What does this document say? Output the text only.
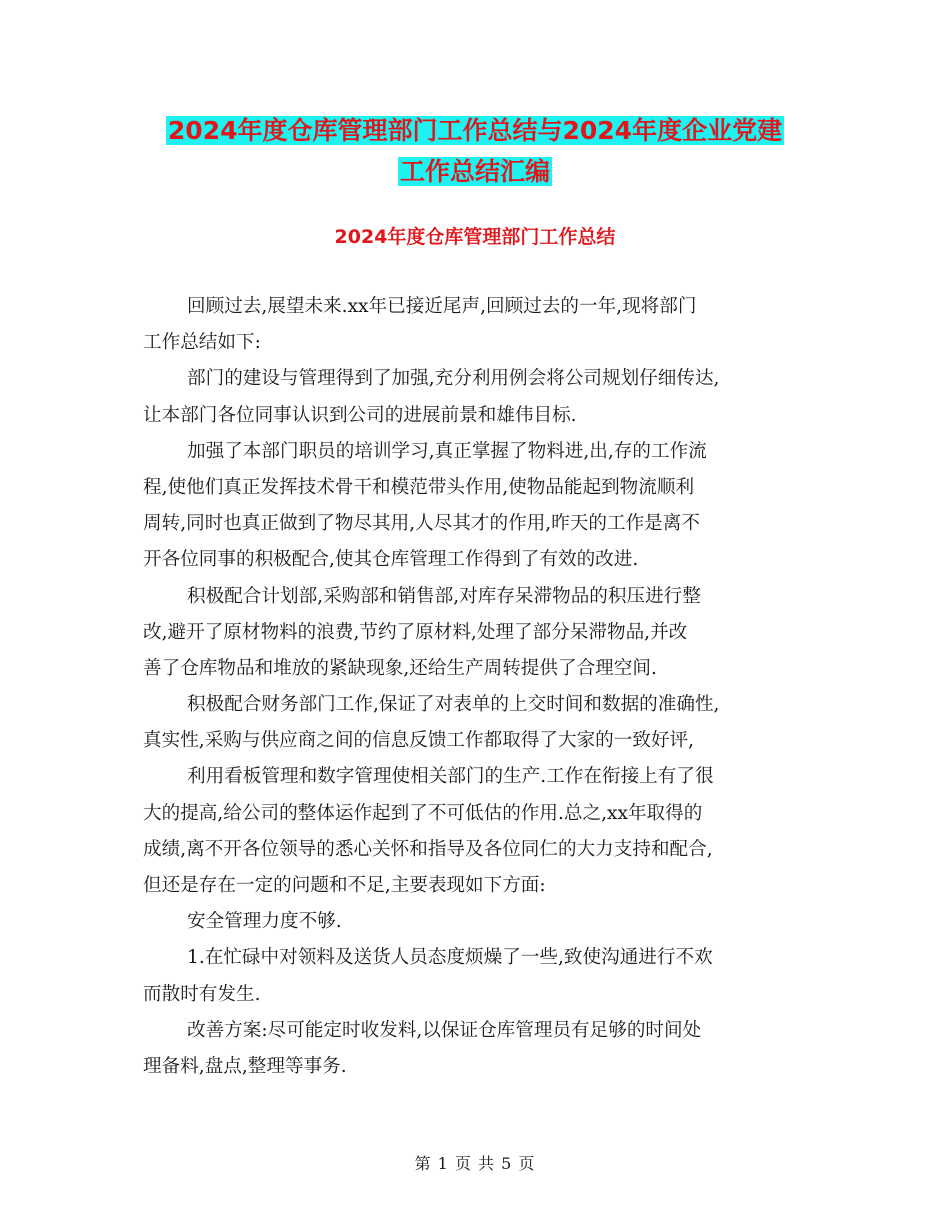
2024年度仓库管理部门工作总结与2024年度企业党建
工作总结汇编
2024年度仓库管理部门工作总结
回顾过去,展望未来.xx年已接近尾声,回顾过去的一年,现将部门
工作总结如下:
部门的建设与管理得到了加强,充分利用例会将公司规划仔细传达,
让本部门各位同事认识到公司的进展前景和雄伟目标.
加强了本部门职员的培训学习,真正掌握了物料进,出,存的工作流
程,使他们真正发挥技术骨干和模范带头作用,使物品能起到物流顺利
周转,同时也真正做到了物尽其用,人尽其才的作用,昨天的工作是离不
开各位同事的积极配合,使其仓库管理工作得到了有效的改进.
积极配合计划部,采购部和销售部,对库存呆滞物品的积压进行整
改,避开了原材物料的浪费,节约了原材料,处理了部分呆滞物品,并改
善了仓库物品和堆放的紧缺现象,还给生产周转提供了合理空间.
积极配合财务部门工作,保证了对表单的上交时间和数据的准确性,
真实性,采购与供应商之间的信息反馈工作都取得了大家的一致好评,
利用看板管理和数字管理使相关部门的生产.工作在衔接上有了很
大的提高,给公司的整体运作起到了不可低估的作用.总之,xx年取得的
成绩,离不开各位领导的悉心关怀和指导及各位同仁的大力支持和配合,
但还是存在一定的问题和不足,主要表现如下方面:
安全管理力度不够.
1.在忙碌中对领料及送货人员态度烦燥了一些,致使沟通进行不欢
而散时有发生.
改善方案:尽可能定时收发料,以保证仓库管理员有足够的时间处
理备料,盘点,整理等事务.
第 1 页 共 5 页
